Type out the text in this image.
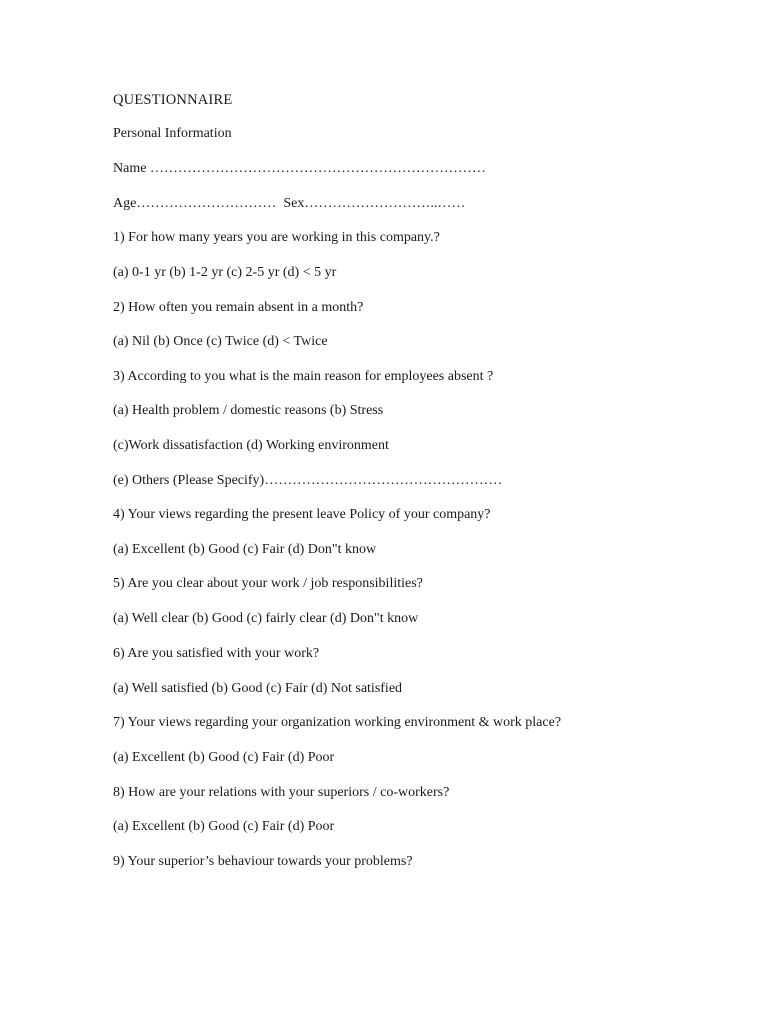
QUESTIONNAIRE
Personal Information
Name ………………………………………………………………
Age…………………………  Sex………………………..……
1) For how many years you are working in this company.?
(a) 0-1 yr (b) 1-2 yr (c) 2-5 yr (d) < 5 yr
2) How often you remain absent in a month?
(a) Nil (b) Once (c) Twice (d) < Twice
3) According to you what is the main reason for employees absent ?
(a) Health problem / domestic reasons (b) Stress
(c)Work dissatisfaction (d) Working environment
(e) Others (Please Specify)……………………………………………
4) Your views regarding the present leave Policy of your company?
(a) Excellent (b) Good (c) Fair (d) Don"t know
5) Are you clear about your work / job responsibilities?
(a) Well clear (b) Good (c) fairly clear (d) Don"t know
6) Are you satisfied with your work?
(a) Well satisfied (b) Good (c) Fair (d) Not satisfied
7) Your views regarding your organization working environment & work place?
(a) Excellent (b) Good (c) Fair (d) Poor
8) How are your relations with your superiors / co-workers?
(a) Excellent (b) Good (c) Fair (d) Poor
9) Your superior’s behaviour towards your problems?
